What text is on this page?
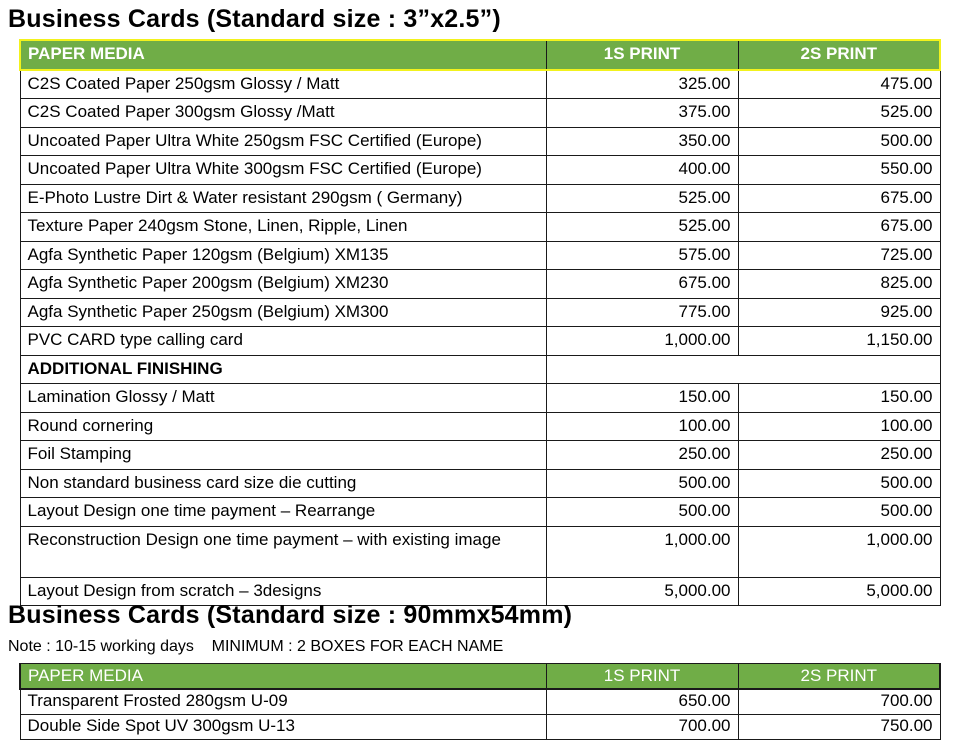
Business Cards (Standard size : 3”x2.5”)
PAPER MEDIA	1S PRINT	2S PRINT
C2S Coated Paper 250gsm Glossy / Matt	325.00	475.00
C2S Coated Paper 300gsm Glossy /Matt	375.00	525.00
Uncoated Paper Ultra White 250gsm FSC Certified (Europe)	350.00	500.00
Uncoated Paper Ultra White 300gsm FSC Certified (Europe)	400.00	550.00
E-Photo Lustre Dirt & Water resistant 290gsm ( Germany)	525.00	675.00
Texture Paper 240gsm Stone, Linen, Ripple, Linen	525.00	675.00
Agfa Synthetic Paper 120gsm (Belgium) XM135	575.00	725.00
Agfa Synthetic Paper 200gsm (Belgium) XM230	675.00	825.00
Agfa Synthetic Paper 250gsm (Belgium) XM300	775.00	925.00
PVC CARD type calling card	1,000.00	1,150.00
ADDITIONAL FINISHING		
Lamination Glossy / Matt	150.00	150.00
Round cornering	100.00	100.00
Foil Stamping	250.00	250.00
Non standard business card size die cutting	500.00	500.00
Layout Design one time payment – Rearrange	500.00	500.00
Reconstruction Design one time payment – with existing image	1,000.00	1,000.00
Layout Design from scratch – 3designs	5,000.00	5,000.00
Business Cards (Standard size : 90mmx54mm)
Note : 10-15 working days    MINIMUM : 2 BOXES FOR EACH NAME
PAPER MEDIA	1S PRINT	2S PRINT
Transparent Frosted 280gsm U-09	650.00	700.00
Double Side Spot UV 300gsm U-13	700.00	750.00
